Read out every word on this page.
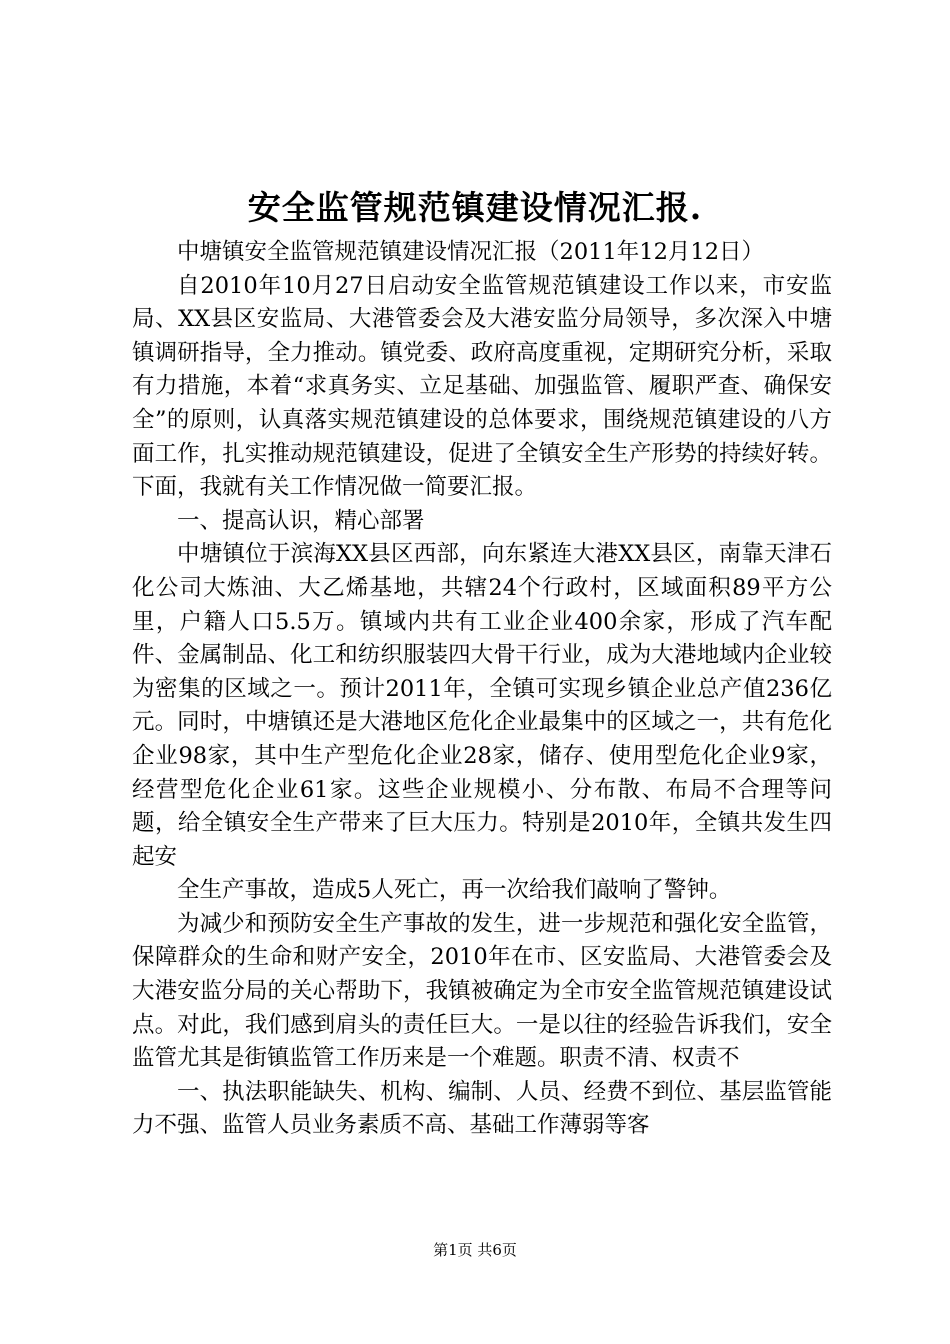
安全监管规范镇建设情况汇报.

中塘镇安全监管规范镇建设情况汇报（2011年12月12日）

自2010年10月27日启动安全监管规范镇建设工作以来，市安监局、XX县区安监局、大港管委会及大港安监分局领导，多次深入中塘镇调研指导，全力推动。镇党委、政府高度重视，定期研究分析，采取有力措施，本着“求真务实、立足基础、加强监管、履职严查、确保安全”的原则，认真落实规范镇建设的总体要求，围绕规范镇建设的八方面工作，扎实推动规范镇建设，促进了全镇安全生产形势的持续好转。下面，我就有关工作情况做一简要汇报。

一、提高认识，精心部署

中塘镇位于滨海XX县区西部，向东紧连大港XX县区，南靠天津石化公司大炼油、大乙烯基地，共辖24个行政村，区域面积89平方公里，户籍人口5.5万。镇域内共有工业企业400余家，形成了汽车配件、金属制品、化工和纺织服装四大骨干行业，成为大港地域内企业较为密集的区域之一。预计2011年，全镇可实现乡镇企业总产值236亿元。同时，中塘镇还是大港地区危化企业最集中的区域之一，共有危化企业98家，其中生产型危化企业28家，储存、使用型危化企业9家，经营型危化企业61家。这些企业规模小、分布散、布局不合理等问题，给全镇安全生产带来了巨大压力。特别是2010年，全镇共发生四起安

全生产事故，造成5人死亡，再一次给我们敲响了警钟。

为减少和预防安全生产事故的发生，进一步规范和强化安全监管，保障群众的生命和财产安全，2010年在市、区安监局、大港管委会及大港安监分局的关心帮助下，我镇被确定为全市安全监管规范镇建设试点。对此，我们感到肩头的责任巨大。一是以往的经验告诉我们，安全监管尤其是街镇监管工作历来是一个难题。职责不清、权责不

一、执法职能缺失、机构、编制、人员、经费不到位、基层监管能力不强、监管人员业务素质不高、基础工作薄弱等客

第1页 共6页
